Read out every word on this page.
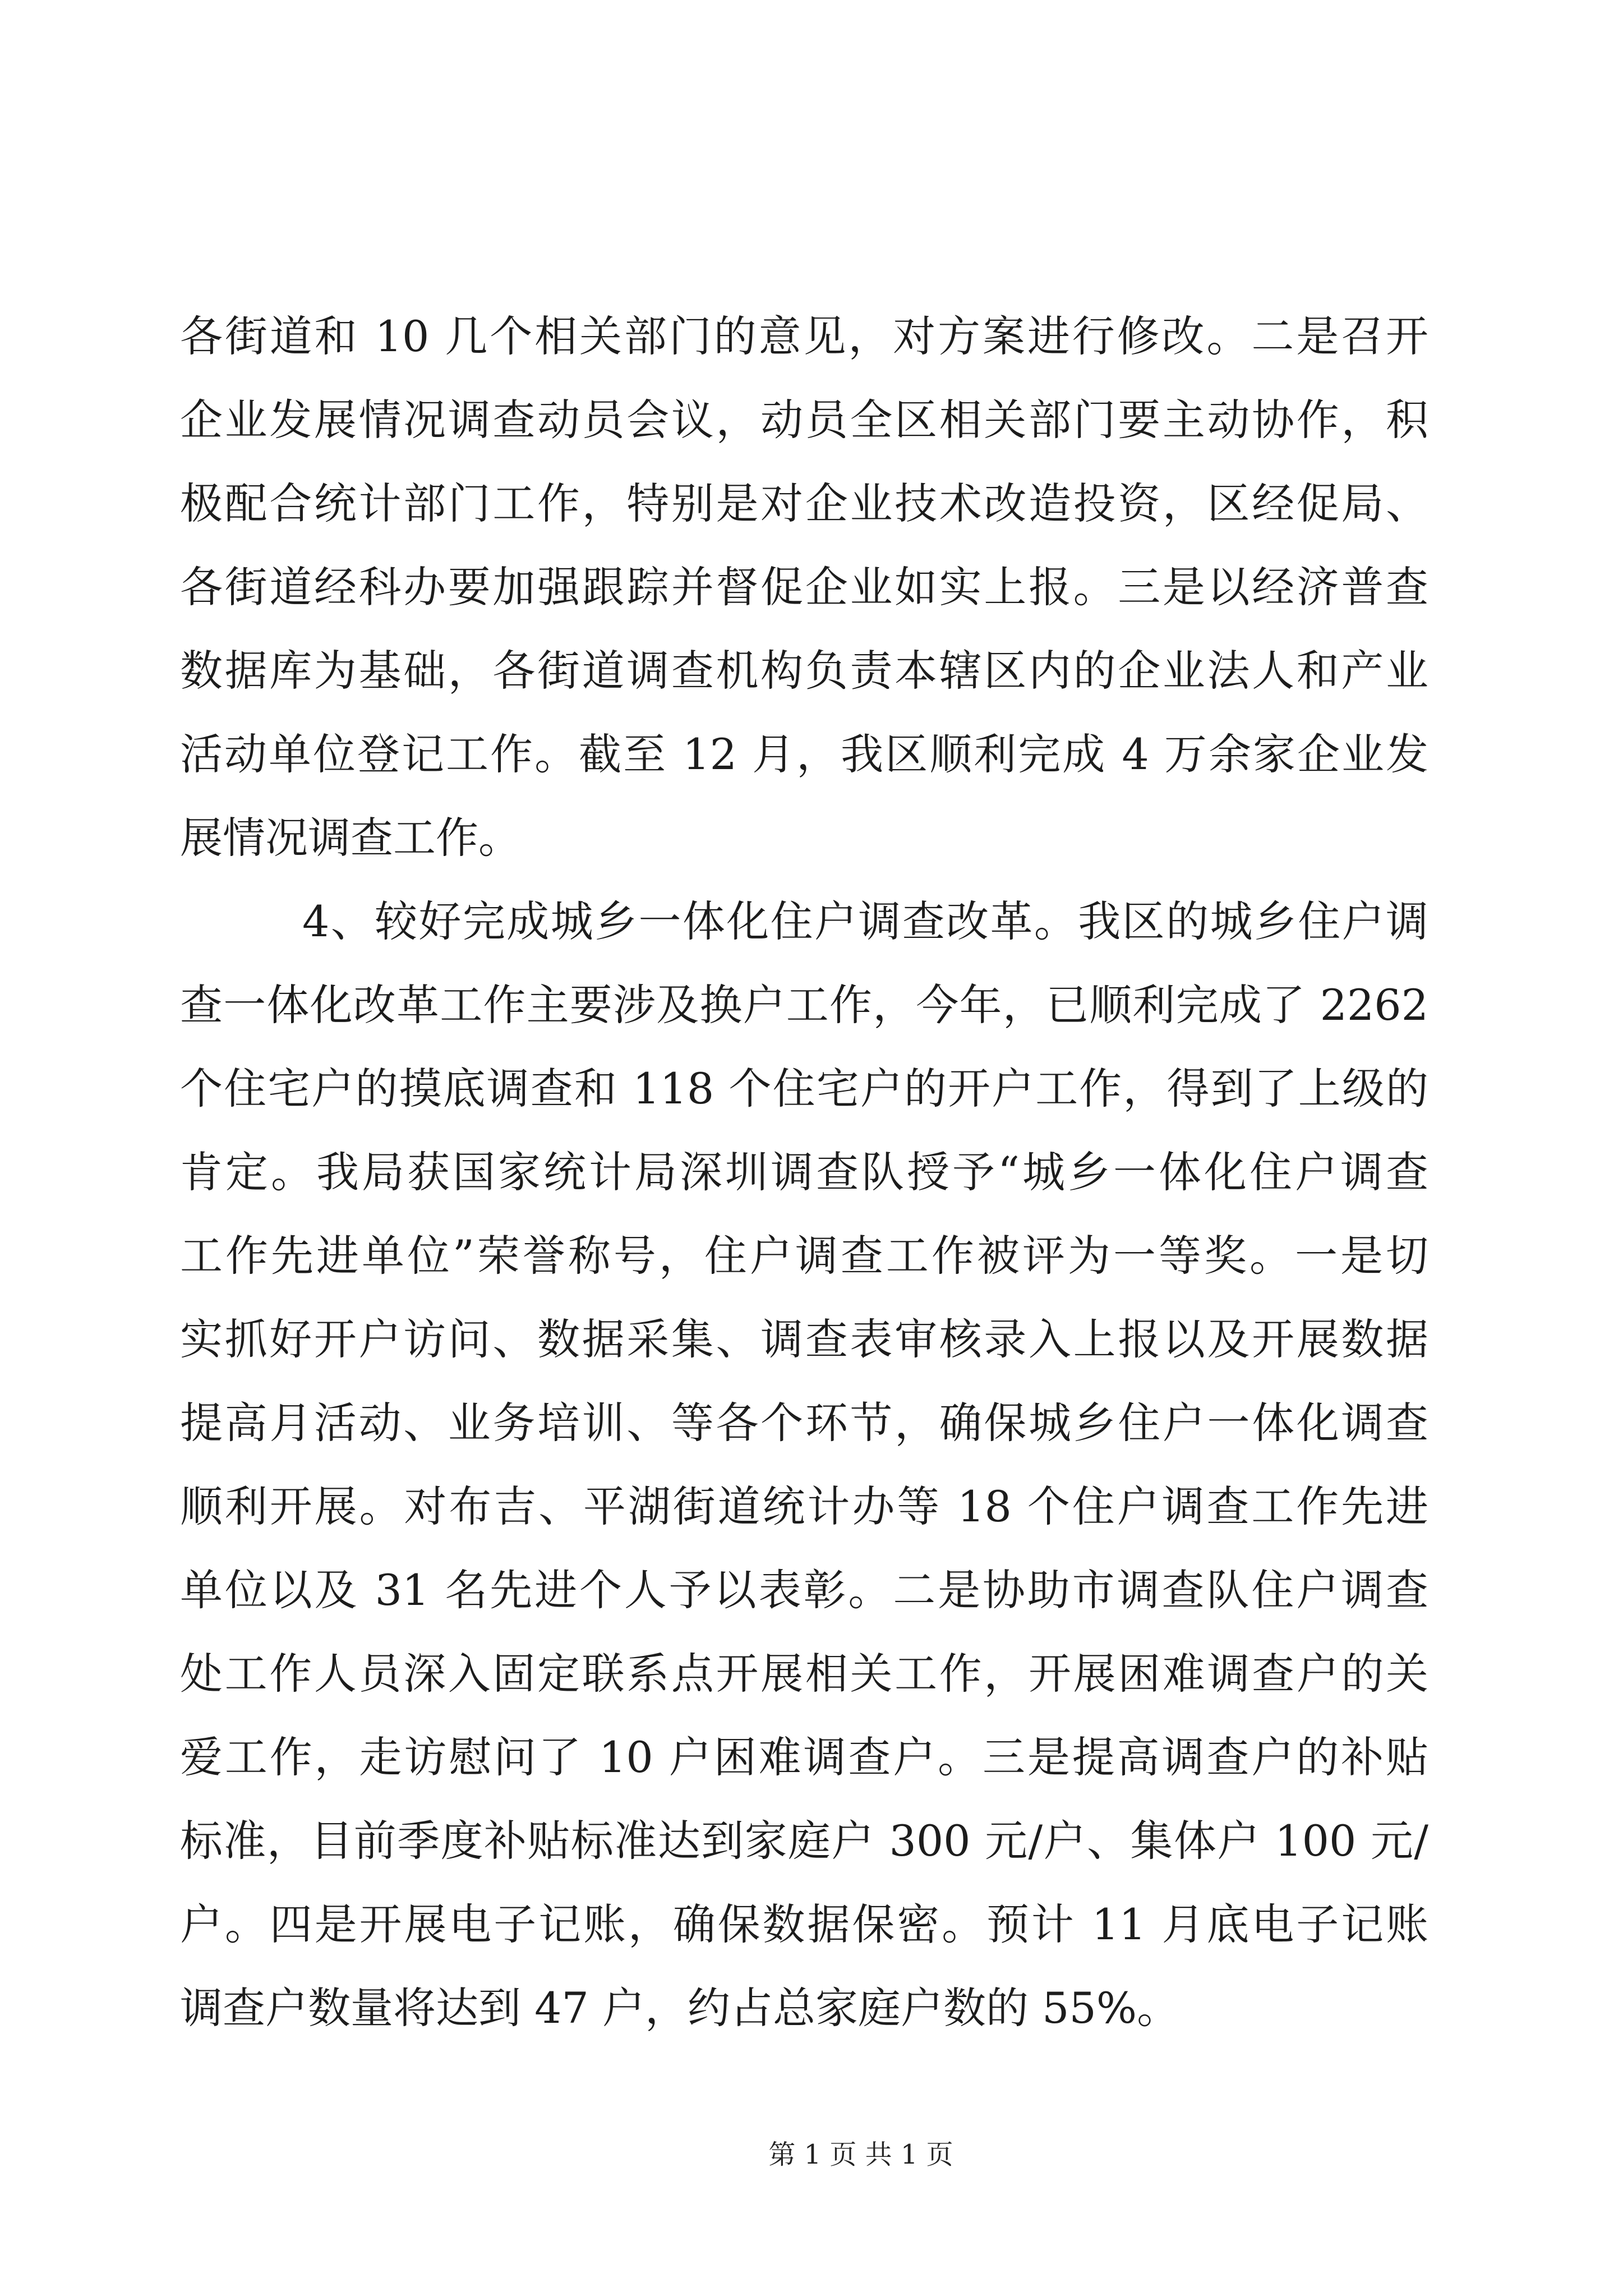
各街道和 10 几个相关部门的意见，对方案进行修改。二是召开
企业发展情况调查动员会议，动员全区相关部门要主动协作，积
极配合统计部门工作，特别是对企业技术改造投资，区经促局、
各街道经科办要加强跟踪并督促企业如实上报。三是以经济普查
数据库为基础，各街道调查机构负责本辖区内的企业法人和产业
活动单位登记工作。截至 12 月，我区顺利完成 4 万余家企业发
展情况调查工作。
4、较好完成城乡一体化住户调查改革。我区的城乡住户调
查一体化改革工作主要涉及换户工作，今年，已顺利完成了 2262
个住宅户的摸底调查和 118 个住宅户的开户工作，得到了上级的
肯定。我局获国家统计局深圳调查队授予“城乡一体化住户调查
工作先进单位”荣誉称号，住户调查工作被评为一等奖。一是切
实抓好开户访问、数据采集、调查表审核录入上报以及开展数据
提高月活动、业务培训、等各个环节，确保城乡住户一体化调查
顺利开展。对布吉、平湖街道统计办等 18 个住户调查工作先进
单位以及 31 名先进个人予以表彰。二是协助市调查队住户调查
处工作人员深入固定联系点开展相关工作，开展困难调查户的关
爱工作，走访慰问了 10 户困难调查户。三是提高调查户的补贴
标准，目前季度补贴标准达到家庭户 300 元/户、集体户 100 元/
户。四是开展电子记账，确保数据保密。预计 11 月底电子记账
调查户数量将达到 47 户，约占总家庭户数的 55%。
第 1 页 共 1 页
